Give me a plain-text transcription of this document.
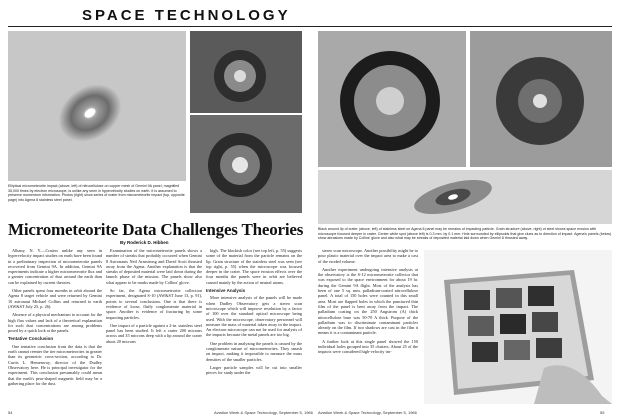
SPACE TECHNOLOGY
Elliptical micrometeorite impact (above, left) of nitrocellulose on copper mesh of Gemini 9A panel, magnified 35,000 times by electron microscope, is unlike any seen in hypervelocity studies on earth. It is assumed to preserve momentum information. Photos (right) show series of crater from micrometeorite impact (top, opposite page) into Agena 8 stainless steel panel.
Micrometeorite Data Challenges Theories
By Roderick D. Hibben

Albany, N. Y.—Craters unlike any seen in hypervelocity impact studies on earth have been found in a preliminary inspection of micrometeorite panels recovered from Gemini 9A. In addition, Gemini 9A experiments indicate a higher micrometeorite flux and a greater concentration of dust around the earth than can be explained by current theories.

Other panels spent four months in orbit aboard the Agena 8 target vehicle and were returned by Gemini 10 astronaut Michael Collins and returned to earth (AW&ST July 25, p. 26).

Absence of a physical mechanism to account for the high flux values and lack of a theoretical explanation for such dust concentrations are among problems posed by a quick look at the panels.

Tentative Conclusion

One tentative conclusion from the data is that the earth cannot reenter the tier micrometeorites in greater than its geometric cross-section, according to Dr. Curtis L. Hemenway, director of the Dudley Observatory here. He is principal investigator for the experiment. This conclusion presumably could mean that the earth's pear-shaped magnetic field may be a gathering place for the dust.

Examination of the micrometeorite panels shows a number of streaks that probably occurred when Gemini 8 Astronauts Neil Armstrong and David Scott thrusted away from the Agena. Another explanation is that the streaks of deposited material were laid down during the launch phase of the mission. The panels show also what appear to be marks made by Collins' glove.

So far, the Agena micrometeorite collection experiment, designated S-10 (AW&ST June 13, p. 91), points to several conclusions. One is that there is evidence of loose, fluffy conglomerate material in space. Another is evidence of fracturing by some impacting particles.

One impact of a particle against a 2-in. stainless steel panel has been studied. It left a crater 200 microns across and 35 microns deep with a lip around the crater about 20 microns

high. The blackish color (see top left, p. 55) suggests some of the material from the particle remains on the lip. Grain structure of the stainless steel was seen (see top right, p. 55) when the microscope was focused deeper in the crater. The space erosion effects over the four months the panels were in orbit are believed caused mainly by the action of neutral atoms.

Intensive Analysis

More intensive analysis of the panels will be made when Dudley Observatory gets a stereo scan microscope which will improve resolution by a factor of 100 over the standard optical microscope being used. With the microscope, observatory personnel will measure the mass of material taken away in the impact. An electron microscope can not be used for analysis of the impacts because the metal panels are too big.

One problem in analyzing the panels is caused by the conglomerate nature of micrometeorites. They smash on impact, making it impossible to measure the mass densities of the smaller particles.

Larger particle samples will be cut into smaller pieces for study under the

Black around lip of crater (above, left) of stainless steel on Agena 8 panel may be remains of impacting particle. Grain structure (above, right) of steel shows space erosion with microscope focused deeper in crater. Center white spot (above left) is 0.3 mm. by 0.1 mm. Hole surrounded by ellipsoids that give clues as to direction of impact. Agena's panels (below) show abrasions made by Collins' glove and also what may be streaks of deposited material laid down when Gemini 8 thrusted away.

stereo scan microscope. Another possibility might be to pour plastic material over the impact area to make a cast of the eroded volume.

Another experiment undergoing intensive analysis at the observatory is the S-12 micrometeorite collector that was exposed to the space environment for about 19 hr. during the Gemini 9A flight. Most of the analysis has been of one 5 sq. mm. palladium-coated nitrocellulose panel. A total of 150 holes were counted in this small area. Most are flapped holes in which the punctured thin film of the panel is bent away from the impact. The palladium coating on the 250 Angstrom (A) thick nitrocellulose base was 50-70 A thick. Purpose of the palladium was to discriminate contaminant particles already on the film. If two shadows are cast in the film it means it is a contaminant particle.

A further look at this single panel showed the 150 individual holes grouped into 35 clusters. About 25 of the impacts were considered high-velocity im-

54	Aviation Week & Space Technology, September 5, 1966 Aviation Week & Space Technology, September 5, 1966	55
